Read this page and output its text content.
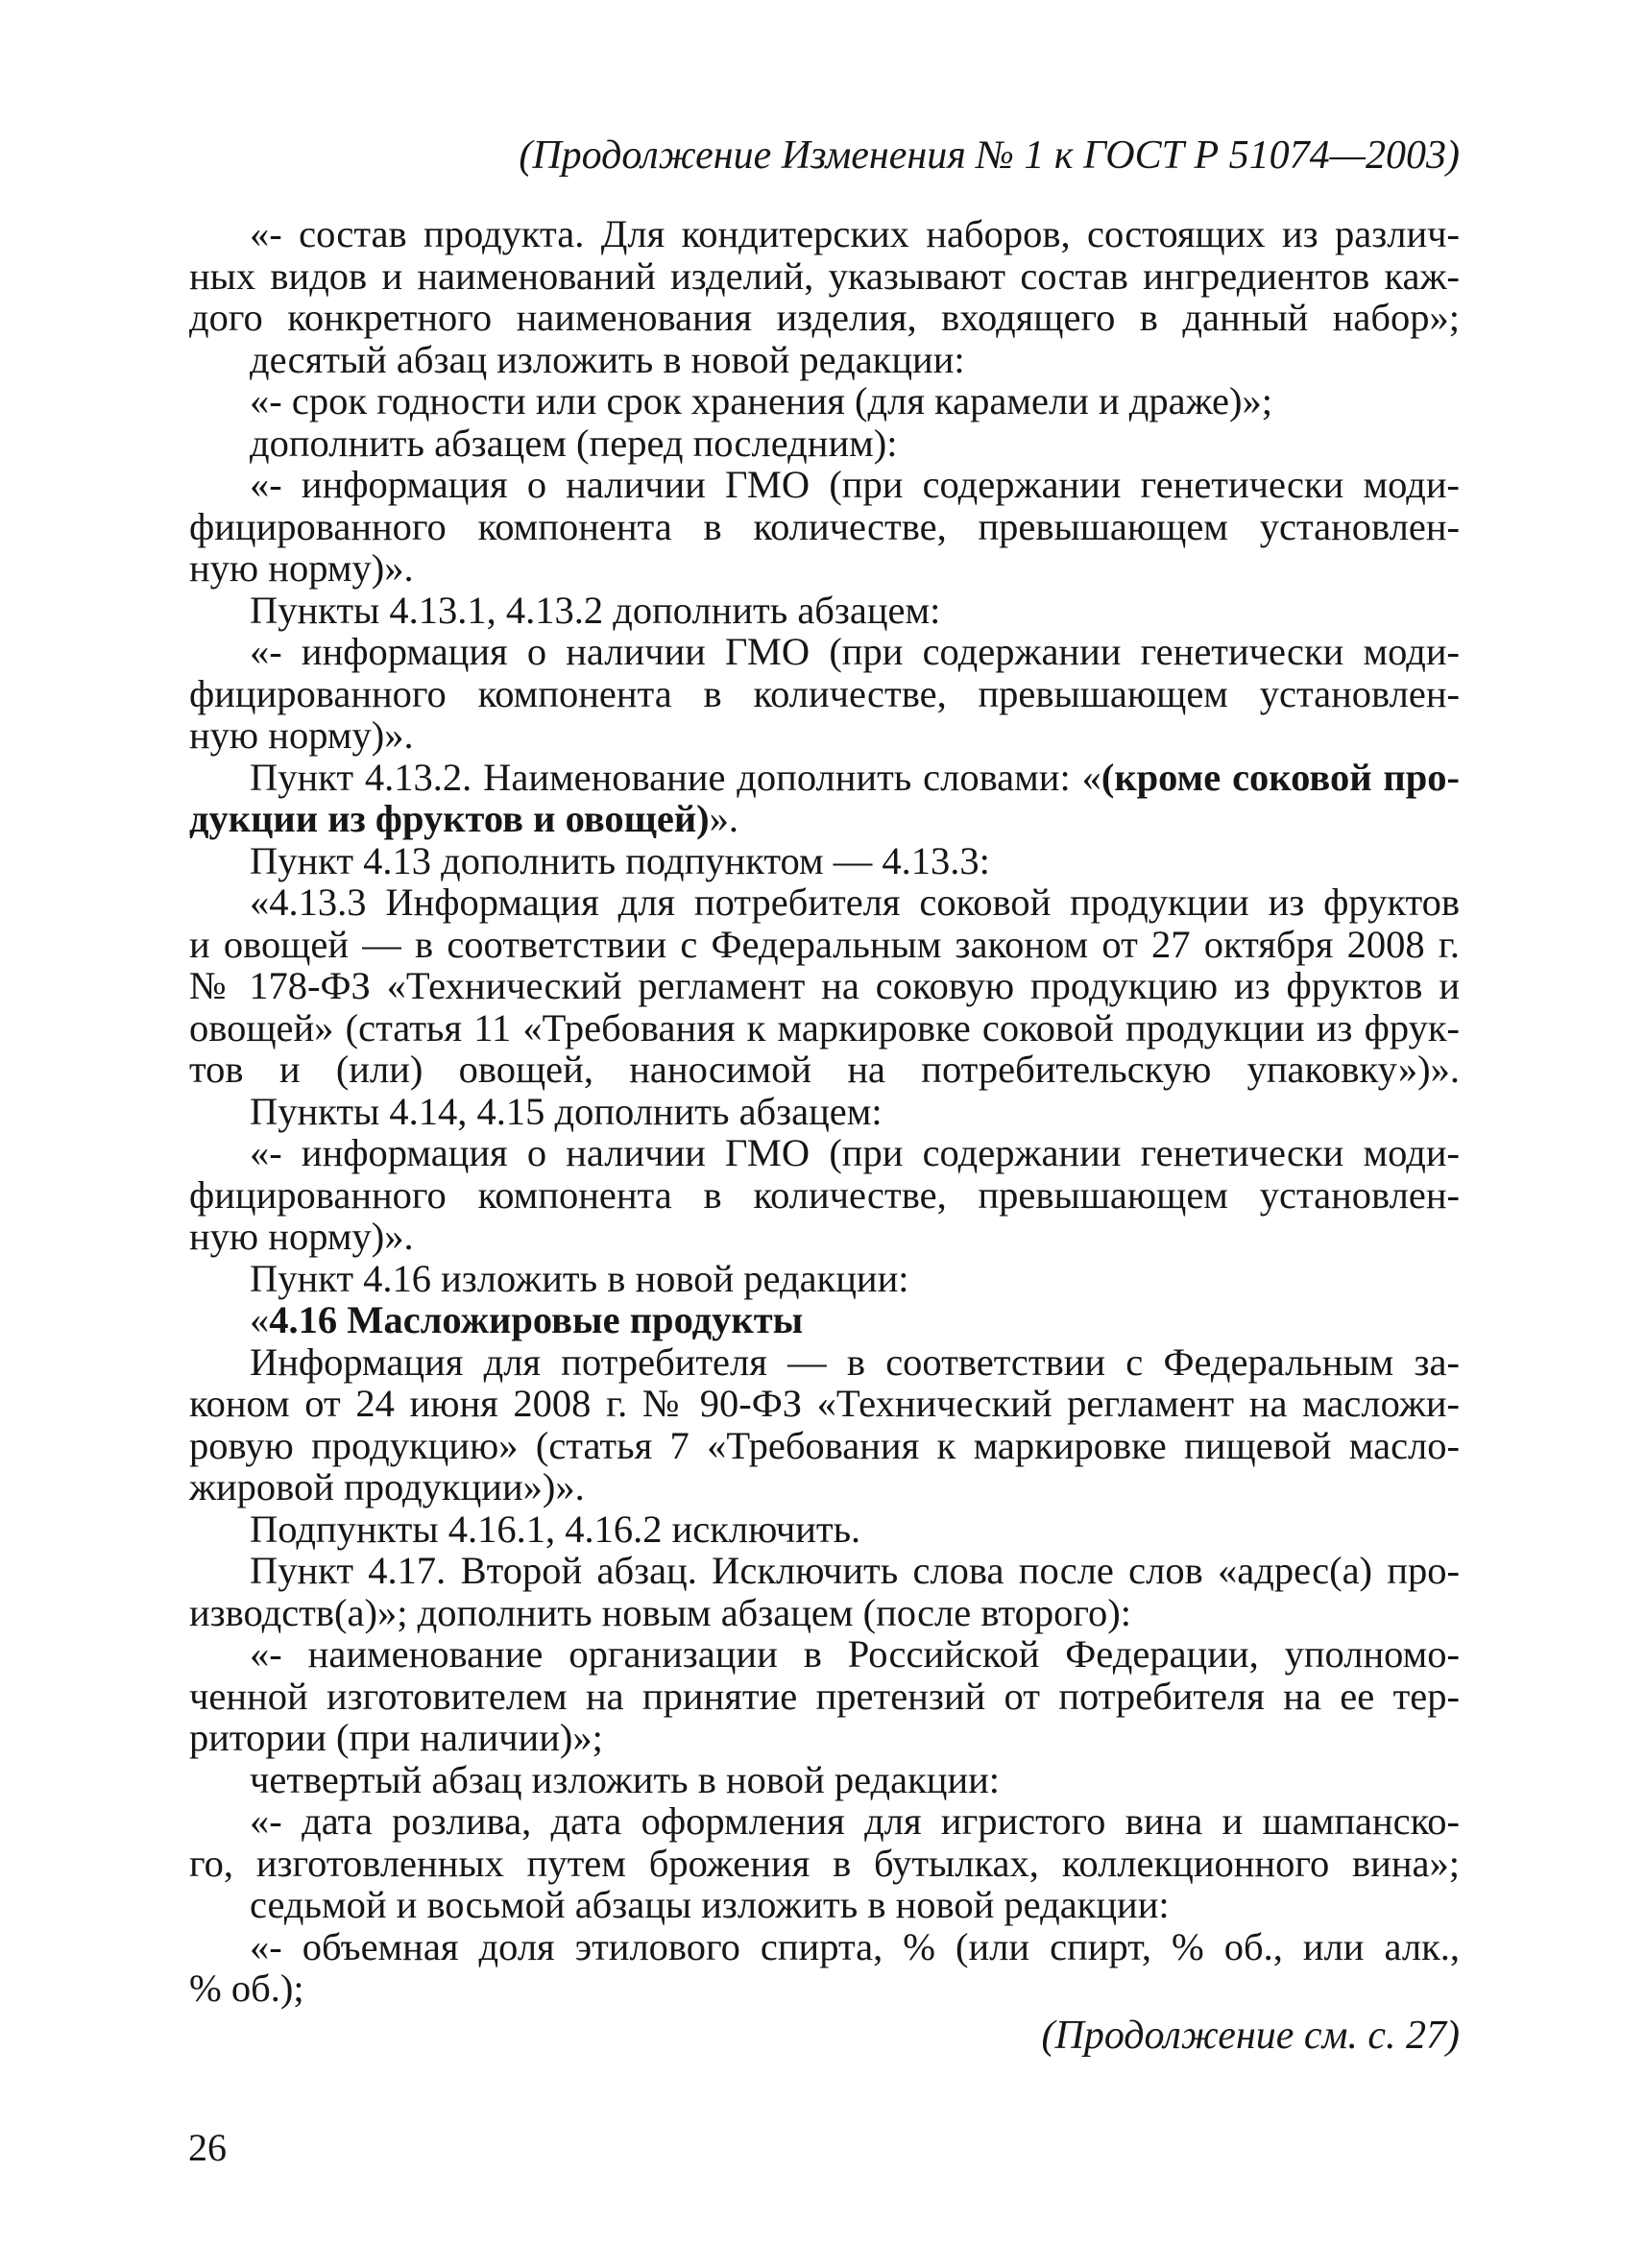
(Продолжение Изменения № 1 к ГОСТ Р 51074—2003)
«- состав продукта. Для кондитерских наборов, состоящих из различ-
ных видов и наименований изделий, указывают состав ингредиентов каж-
дого конкретного наименования изделия, входящего в данный набор»;
десятый абзац изложить в новой редакции:
«- срок годности или срок хранения (для карамели и драже)»;
дополнить абзацем (перед последним):
«- информация о наличии ГМО (при содержании генетически моди-
фицированного компонента в количестве, превышающем установлен-
ную норму)».
Пункты 4.13.1, 4.13.2 дополнить абзацем:
«- информация о наличии ГМО (при содержании генетически моди-
фицированного компонента в количестве, превышающем установлен-
ную норму)».
Пункт 4.13.2. Наименование дополнить словами: «(кроме соковой про-
дукции из фруктов и овощей)».
Пункт 4.13 дополнить подпунктом — 4.13.3:
«4.13.3 Информация для потребителя соковой продукции из фруктов
и овощей — в соответствии с Федеральным законом от 27 октября 2008 г.
№ 178-ФЗ «Технический регламент на соковую продукцию из фруктов и
овощей» (статья 11 «Требования к маркировке соковой продукции из фрук-
тов и (или) овощей, наносимой на потребительскую упаковку»)».
Пункты 4.14, 4.15 дополнить абзацем:
«- информация о наличии ГМО (при содержании генетически моди-
фицированного компонента в количестве, превышающем установлен-
ную норму)».
Пункт 4.16 изложить в новой редакции:
«4.16 Масложировые продукты
Информация для потребителя — в соответствии с Федеральным за-
коном от 24 июня 2008 г. № 90-ФЗ «Технический регламент на масложи-
ровую продукцию» (статья 7 «Требования к маркировке пищевой масло-
жировой продукции»)».
Подпункты 4.16.1, 4.16.2 исключить.
Пункт 4.17. Второй абзац. Исключить слова после слов «адрес(а) про-
изводств(а)»; дополнить новым абзацем (после второго):
«- наименование организации в Российской Федерации, уполномо-
ченной изготовителем на принятие претензий от потребителя на ее тер-
ритории (при наличии)»;
четвертый абзац изложить в новой редакции:
«- дата розлива, дата оформления для игристого вина и шампанско-
го, изготовленных путем брожения в бутылках, коллекционного вина»;
седьмой и восьмой абзацы изложить в новой редакции:
«- объемная доля этилового спирта, % (или спирт, % об., или алк.,
% об.);
(Продолжение см. с. 27)
26
